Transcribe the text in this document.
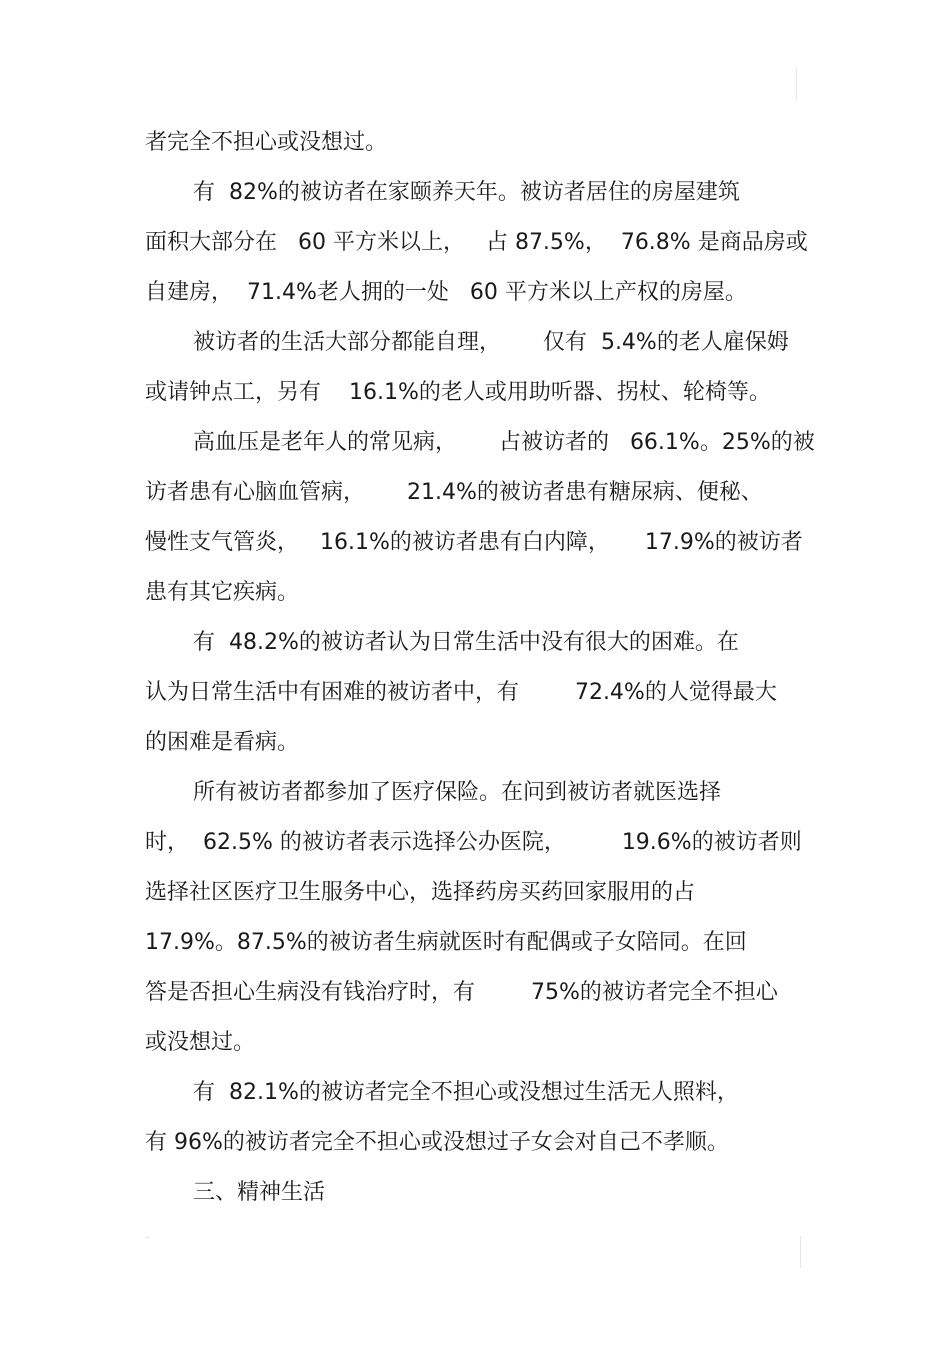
者完全不担心或没想过。
有  82%的被访者在家颐养天年。被访者居住的房屋建筑
面积大部分在   60 平方米以上，   占 87.5%，  76.8% 是商品房或
自建房，  71.4%老人拥的一处   60 平方米以上产权的房屋。
被访者的生活大部分都能自理，      仅有  5.4%的老人雇保姆
或请钟点工，另有    16.1%的老人或用助听器、拐杖、轮椅等。
高血压是老年人的常见病，      占被访者的   66.1%。25%的被
访者患有心脑血管病，      21.4%的被访者患有糖尿病、便秘、
慢性支气管炎，   16.1%的被访者患有白内障，     17.9%的被访者
患有其它疾病。
有  48.2%的被访者认为日常生活中没有很大的困难。在
认为日常生活中有困难的被访者中，有        72.4%的人觉得最大
的困难是看病。
所有被访者都参加了医疗保险。在问到被访者就医选择
时，  62.5% 的被访者表示选择公办医院，        19.6%的被访者则
选择社区医疗卫生服务中心，选择药房买药回家服用的占
17.9%。87.5%的被访者生病就医时有配偶或子女陪同。在回
答是否担心生病没有钱治疗时，有        75%的被访者完全不担心
或没想过。
有  82.1%的被访者完全不担心或没想过生活无人照料，
有 96%的被访者完全不担心或没想过子女会对自己不孝顺。
三、精神生活
